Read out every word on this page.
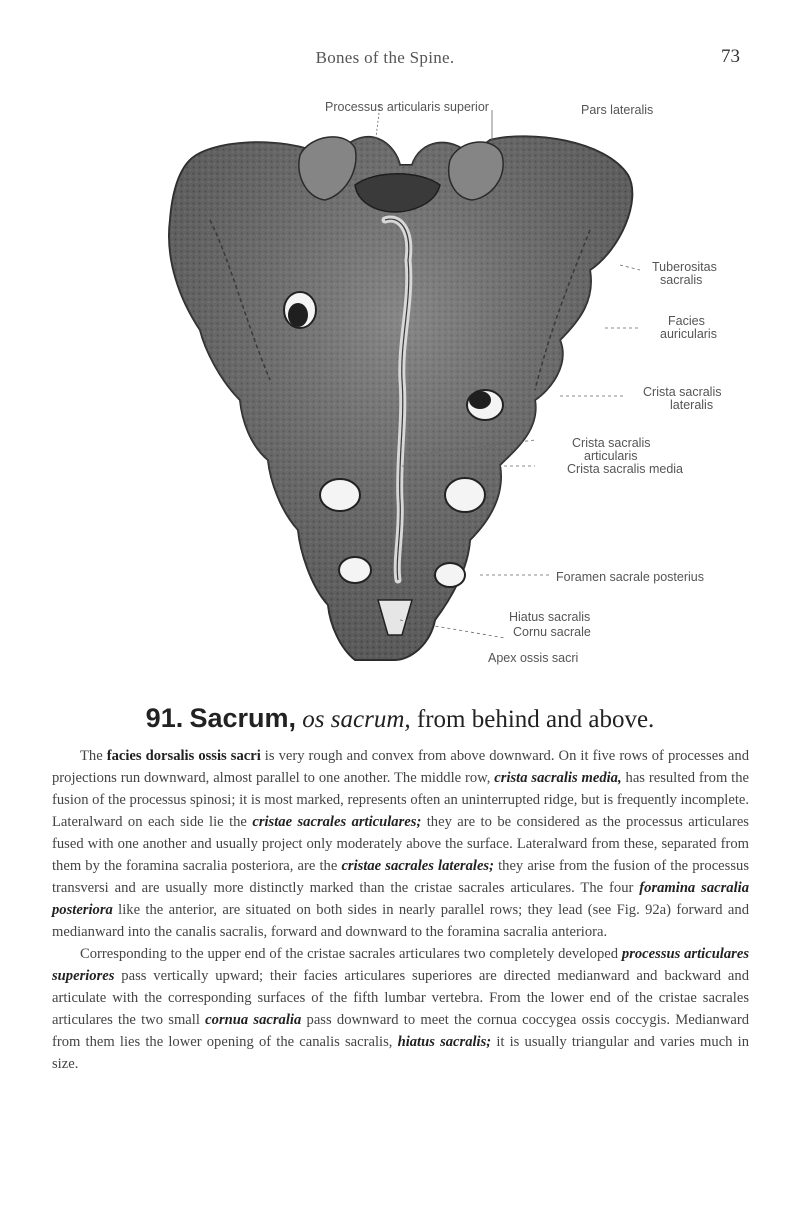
Bones of the Spine.	73
Processus articularis superior	Pars lateralis
Tuberositas
sacralis
Facies
auricularis
Crista sacralis
lateralis
Crista sacralis
articularis
Crista sacralis media
Foramen sacrale posterius
Hiatus sacralis
Cornu sacrale
Apex ossis sacri
91. Sacrum, os sacrum, from behind and above.

The facies dorsalis ossis sacri is very rough and convex from above downward. On it five rows of processes and projections run downward, almost parallel to one another. The middle row, crista sacralis media, has resulted from the fusion of the processus spinosi; it is most marked, represents often an uninterrupted ridge, but is frequently incomplete. Lateralward on each side lie the cristae sacrales articulares; they are to be considered as the processus articulares fused with one another and usually project only moderately above the surface. Lateralward from these, separated from them by the foramina sacralia posteriora, are the cristae sacrales laterales; they arise from the fusion of the processus transversi and are usually more distinctly marked than the cristae sacrales articulares. The four foramina sacralia posteriora like the anterior, are situated on both sides in nearly parallel rows; they lead (see Fig. 92a) forward and medianward into the canalis sacralis, forward and downward to the foramina sacralia anteriora.

Corresponding to the upper end of the cristae sacrales articulares two completely developed processus articulares superiores pass vertically upward; their facies articulares superiores are directed medianward and backward and articulate with the corresponding surfaces of the fifth lumbar vertebra. From the lower end of the cristae sacrales articulares the two small cornua sacralia pass downward to meet the cornua coccygea ossis coccygis. Medianward from them lies the lower opening of the canalis sacralis, hiatus sacralis; it is usually triangular and varies much in size.
